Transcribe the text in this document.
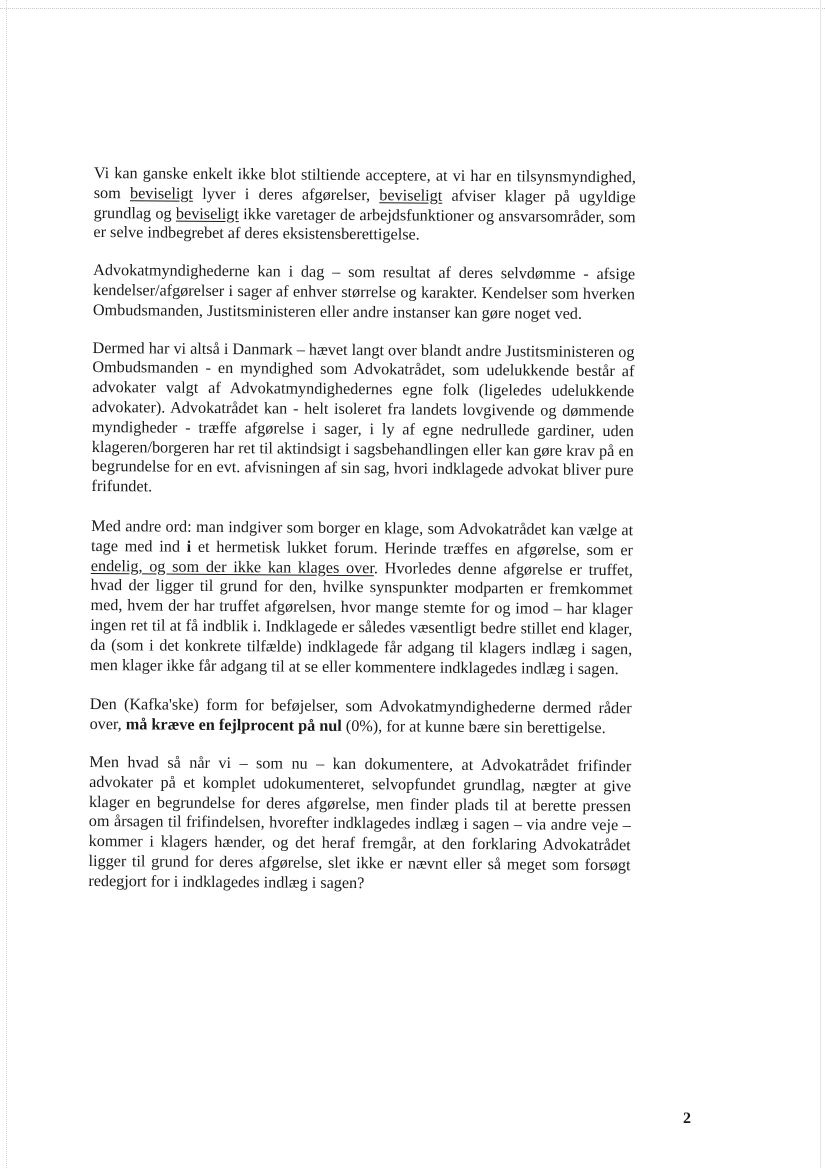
Vi kan ganske enkelt ikke blot stiltiende acceptere, at vi har en tilsynsmyndighed, som beviseligt lyver i deres afgørelser, beviseligt afviser klager på ugyldige grundlag og beviseligt ikke varetager de arbejdsfunktioner og ansvarsområder, som er selve indbegrebet af deres eksistensberettigelse.

Advokatmyndighederne kan i dag – som resultat af deres selvdømme - afsige kendelser/afgørelser i sager af enhver størrelse og karakter. Kendelser som hverken Ombudsmanden, Justitsministeren eller andre instanser kan gøre noget ved.

Dermed har vi altså i Danmark – hævet langt over blandt andre Justitsministeren og Ombudsmanden - en myndighed som Advokatrådet, som udelukkende består af advokater valgt af Advokatmyndighedernes egne folk (ligeledes udelukkende advokater). Advokatrådet kan - helt isoleret fra landets lovgivende og dømmende myndigheder - træffe afgørelse i sager, i ly af egne nedrullede gardiner, uden klageren/borgeren har ret til aktindsigt i sagsbehandlingen eller kan gøre krav på en begrundelse for en evt. afvisningen af sin sag, hvori indklagede advokat bliver pure frifundet.

Med andre ord: man indgiver som borger en klage, som Advokatrådet kan vælge at tage med ind i et hermetisk lukket forum. Herinde træffes en afgørelse, som er endelig, og som der ikke kan klages over. Hvorledes denne afgørelse er truffet, hvad der ligger til grund for den, hvilke synspunkter modparten er fremkommet med, hvem der har truffet afgørelsen, hvor mange stemte for og imod – har klager ingen ret til at få indblik i. Indklagede er således væsentligt bedre stillet end klager, da (som i det konkrete tilfælde) indklagede får adgang til klagers indlæg i sagen, men klager ikke får adgang til at se eller kommentere indklagedes indlæg i sagen.

Den (Kafka'ske) form for beføjelser, som Advokatmyndighederne dermed råder over, må kræve en fejlprocent på nul (0%), for at kunne bære sin berettigelse.

Men hvad så når vi – som nu – kan dokumentere, at Advokatrådet frifinder advokater på et komplet udokumenteret, selvopfundet grundlag, nægter at give klager en begrundelse for deres afgørelse, men finder plads til at berette pressen om årsagen til frifindelsen, hvorefter indklagedes indlæg i sagen – via andre veje – kommer i klagers hænder, og det heraf fremgår, at den forklaring Advokatrådet ligger til grund for deres afgørelse, slet ikke er nævnt eller så meget som forsøgt redegjort for i indklagedes indlæg i sagen?

2
